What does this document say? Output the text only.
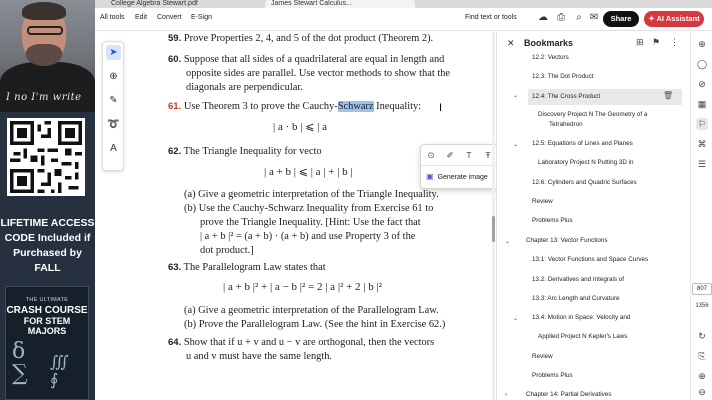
I no I'm write
LIFETIME ACCESS
CODE Included if
Purchased by FALL
THE ULTIMATE
CRASH COURSE
FOR STEM MAJORS
δ
∑ ∭
∮
College Algebra Stewart.pdf	James Stewart Calculus...
All tools Edit Convert E-Sign	Find text or tools ☁ ⎙	⌕ ✉	Share	✦ AI Assistant
➤
⊕
✎
➰
A
59. Prove Properties 2, 4, and 5 of the dot product (Theorem 2).
60. Suppose that all sides of a quadrilateral are equal in length and
opposite sides are parallel. Use vector methods to show that the
diagonals are perpendicular.
61. Use Theorem 3 to prove the Cauchy-Schwarz Inequality: I
| a · b | ⩽ | a
62. The Triangle Inequality for vecto
| a + b | ⩽ | a | + | b |
(a) Give a geometric interpretation of the Triangle Inequality.
(b) Use the Cauchy-Schwarz Inequality from Exercise 61 to
prove the Triangle Inequality. [Hint: Use the fact that
| a + b |² = (a + b) · (a + b) and use Property 3 of the
dot product.]
63. The Parallelogram Law states that
| a + b |² + | a − b |² = 2 | a |² + 2 | b |²
(a) Give a geometric interpretation of the Parallelogram Law.
(b) Prove the Parallelogram Law. (See the hint in Exercise 62.)
64. Show that if u + v and u − v are orthogonal, then the vectors
u and v must have the same length.
⊙ ✐ T Ŧ
▣ Generate image
✕ Bookmarks	⊞ ⚑ ⋮
12.2: Vectors
12.3: The Dot Product
⌄	12.4: The Cross Product	🗑
Discovery Project N The Geometry of a
Tetrahedron
⌄ 12.5: Equations of Lines and Planes
Laboratory Project N Putting 3D in
12.6: Cylinders and Quadric Surfaces
Review
Problems Plus
⌄	Chapter 13: Vector Functions
13.1: Vector Functions and Space Curves
13.2: Derivatives and Integrals of
13.3: Arc Length and Curvature
⌄ 13.4: Motion in Space: Velocity and
Applied Project N Kepler's Laws
Review
Problems Plus
›	Chapter 14: Partial Derivatives
⊕
◯
⊘
▦
⚐
⌘
☰
807
1356
↻
⎘
⊕
⊖
